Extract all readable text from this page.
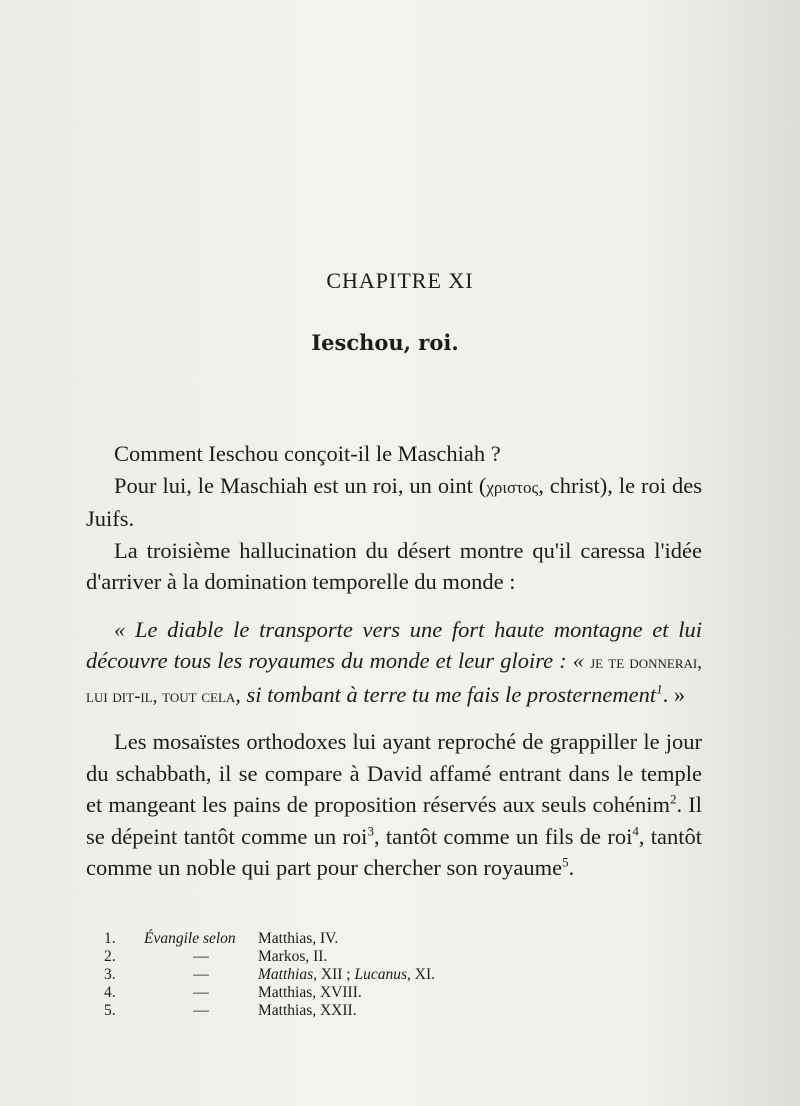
CHAPITRE XI
Ieschou, roi.

Comment Ieschou conçoit-il le Maschiah ?

Pour lui, le Maschiah est un roi, un oint (χριστος, christ), le roi des Juifs.

La troisième hallucination du désert montre qu'il caressa l'idée d'arriver à la domination temporelle du monde :

« Le diable le transporte vers une fort haute montagne et lui découvre tous les royaumes du monde et leur gloire : « je te donnerai, lui dit-il, tout cela, si tombant à terre tu me fais le prosternement$^1$. »

Les mosaïstes orthodoxes lui ayant reproché de grappiller le jour du schabbath, il se compare à David affamé entrant dans le temple et mangeant les pains de proposition réservés aux seuls cohénim$^2$. Il se dépeint tantôt comme un roi$^3$, tantôt comme un fils de roi$^4$, tantôt comme un noble qui part pour chercher son royaume$^5$.

1.	Évangile selon	Matthias, IV.
2.	—	Markos, II.
3.	—	Matthias, XII ; Lucanus, XI.
4.	—	Matthias, XVIII.
5.	—	Matthias, XXII.
